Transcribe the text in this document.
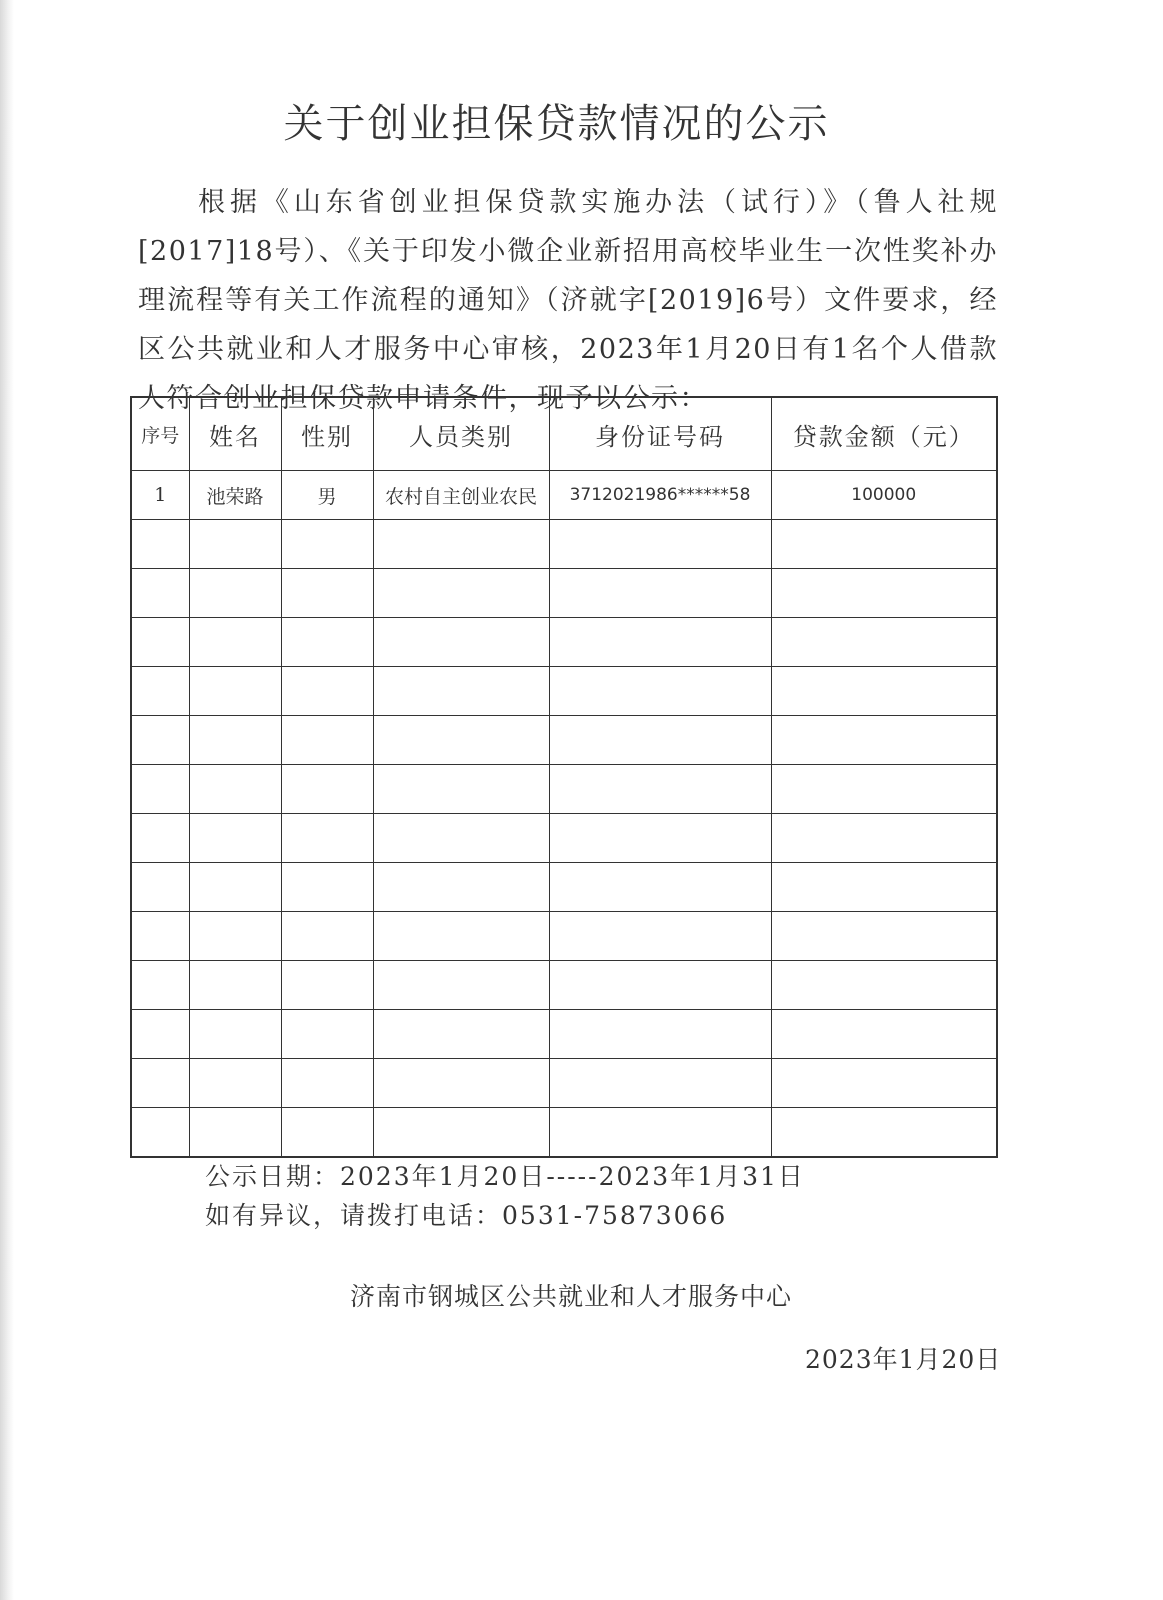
关于创业担保贷款情况的公示

根据《山东省创业担保贷款实施办法（试行）》（鲁人社规[2017]18号）、《关于印发小微企业新招用高校毕业生一次性奖补办理流程等有关工作流程的通知》（济就字[2019]6号）文件要求，经区公共就业和人才服务中心审核，2023年1月20日有1名个人借款人符合创业担保贷款申请条件，现予以公示：

序号	姓名	性别	人员类别	身份证号码	贷款金额（元）
1	池荣路	男	农村自主创业农民	3712021986******58	100000

公示日期：2023年1月20日-----2023年1月31日
如有异议，请拨打电话：0531-75873066
济南市钢城区公共就业和人才服务中心
2023年1月20日
